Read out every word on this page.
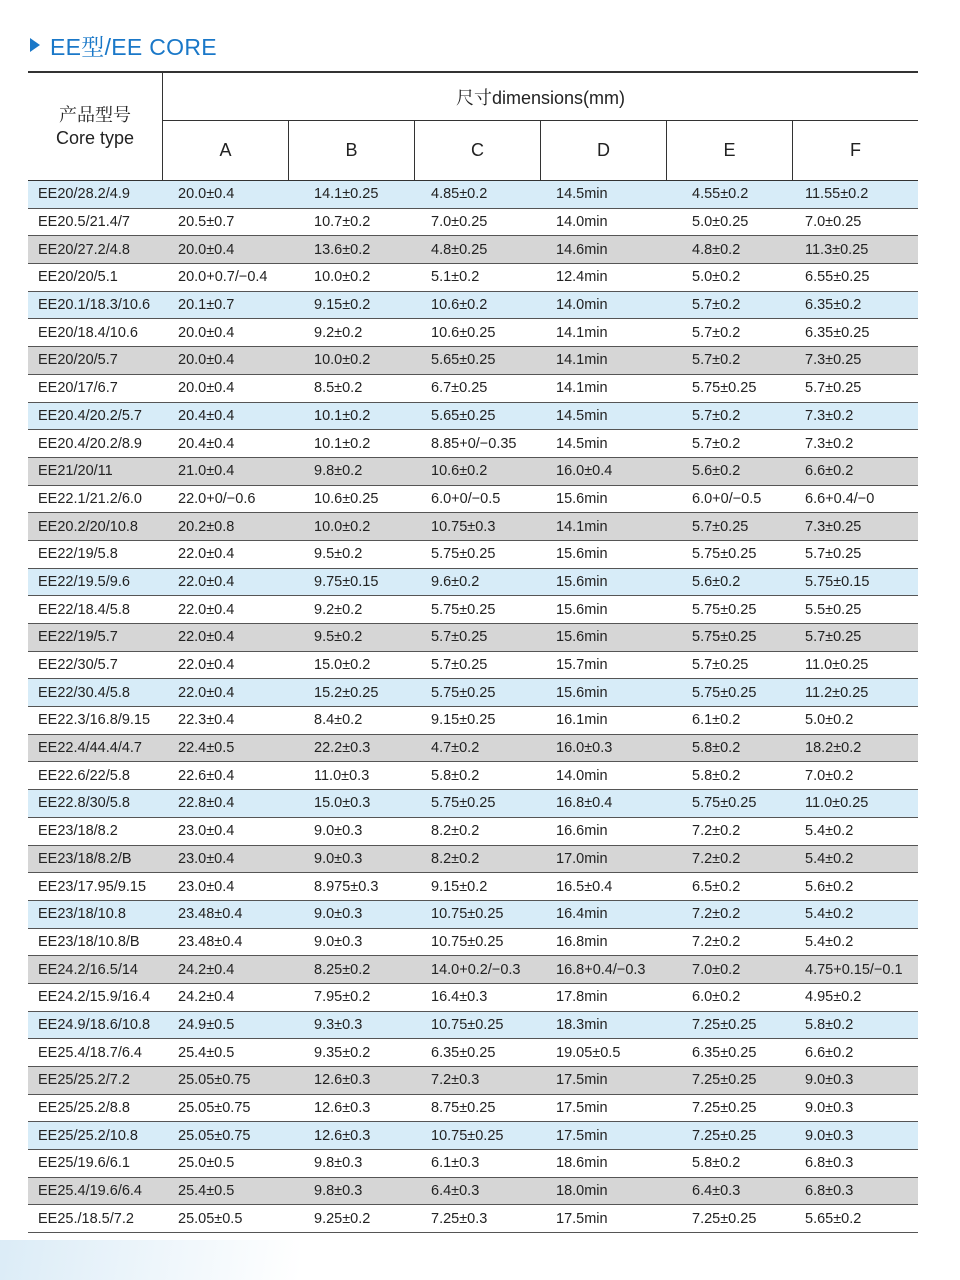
EE型/EE CORE
产品型号
Core type
尺寸dimensions(mm)
A	B	C	D	E	F
EE20/28.2/4.9	20.0±0.4	14.1±0.25	4.85±0.2	14.5min	4.55±0.2	11.55±0.2
EE20.5/21.4/7	20.5±0.7	10.7±0.2	7.0±0.25	14.0min	5.0±0.25	7.0±0.25
EE20/27.2/4.8	20.0±0.4	13.6±0.2	4.8±0.25	14.6min	4.8±0.2	11.3±0.25
EE20/20/5.1	20.0+0.7/−0.4	10.0±0.2	5.1±0.2	12.4min	5.0±0.2	6.55±0.25
EE20.1/18.3/10.6 20.1±0.7	9.15±0.2	10.6±0.2	14.0min	5.7±0.2	6.35±0.2
EE20/18.4/10.6	20.0±0.4	9.2±0.2	10.6±0.25	14.1min	5.7±0.2	6.35±0.25
EE20/20/5.7	20.0±0.4	10.0±0.2	5.65±0.25	14.1min	5.7±0.2	7.3±0.25
EE20/17/6.7	20.0±0.4	8.5±0.2	6.7±0.25	14.1min	5.75±0.25	5.7±0.25
EE20.4/20.2/5.7 20.4±0.4	10.1±0.2	5.65±0.25	14.5min	5.7±0.2	7.3±0.2
EE20.4/20.2/8.9 20.4±0.4	10.1±0.2	8.85+0/−0.35	14.5min	5.7±0.2	7.3±0.2
EE21/20/11	21.0±0.4	9.8±0.2	10.6±0.2	16.0±0.4	5.6±0.2	6.6±0.2
EE22.1/21.2/6.0 22.0+0/−0.6	10.6±0.25	6.0+0/−0.5	15.6min	6.0+0/−0.5	6.6+0.4/−0
EE20.2/20/10.8	20.2±0.8	10.0±0.2	10.75±0.3	14.1min	5.7±0.25	7.3±0.25
EE22/19/5.8	22.0±0.4	9.5±0.2	5.75±0.25	15.6min	5.75±0.25	5.7±0.25
EE22/19.5/9.6	22.0±0.4	9.75±0.15	9.6±0.2	15.6min	5.6±0.2	5.75±0.15
EE22/18.4/5.8	22.0±0.4	9.2±0.2	5.75±0.25	15.6min	5.75±0.25	5.5±0.25
EE22/19/5.7	22.0±0.4	9.5±0.2	5.7±0.25	15.6min	5.75±0.25	5.7±0.25
EE22/30/5.7	22.0±0.4	15.0±0.2	5.7±0.25	15.7min	5.7±0.25	11.0±0.25
EE22/30.4/5.8	22.0±0.4	15.2±0.25	5.75±0.25	15.6min	5.75±0.25	11.2±0.25
EE22.3/16.8/9.15 22.3±0.4	8.4±0.2	9.15±0.25	16.1min	6.1±0.2	5.0±0.2
EE22.4/44.4/4.7 22.4±0.5	22.2±0.3	4.7±0.2	16.0±0.3	5.8±0.2	18.2±0.2
EE22.6/22/5.8	22.6±0.4	11.0±0.3	5.8±0.2	14.0min	5.8±0.2	7.0±0.2
EE22.8/30/5.8	22.8±0.4	15.0±0.3	5.75±0.25	16.8±0.4	5.75±0.25	11.0±0.25
EE23/18/8.2	23.0±0.4	9.0±0.3	8.2±0.2	16.6min	7.2±0.2	5.4±0.2
EE23/18/8.2/B	23.0±0.4	9.0±0.3	8.2±0.2	17.0min	7.2±0.2	5.4±0.2
EE23/17.95/9.15 23.0±0.4	8.975±0.3	9.15±0.2	16.5±0.4	6.5±0.2	5.6±0.2
EE23/18/10.8	23.48±0.4	9.0±0.3	10.75±0.25	16.4min	7.2±0.2	5.4±0.2
EE23/18/10.8/B	23.48±0.4	9.0±0.3	10.75±0.25	16.8min	7.2±0.2	5.4±0.2
EE24.2/16.5/14	24.2±0.4	8.25±0.2	14.0+0.2/−0.3 16.8+0.4/−0.3	7.0±0.2	4.75+0.15/−0.1
EE24.2/15.9/16.4 24.2±0.4	7.95±0.2	16.4±0.3	17.8min	6.0±0.2	4.95±0.2
EE24.9/18.6/10.8 24.9±0.5	9.3±0.3	10.75±0.25	18.3min	7.25±0.25	5.8±0.2
EE25.4/18.7/6.4 25.4±0.5	9.35±0.2	6.35±0.25	19.05±0.5	6.35±0.25	6.6±0.2
EE25/25.2/7.2	25.05±0.75	12.6±0.3	7.2±0.3	17.5min	7.25±0.25	9.0±0.3
EE25/25.2/8.8	25.05±0.75	12.6±0.3	8.75±0.25	17.5min	7.25±0.25	9.0±0.3
EE25/25.2/10.8	25.05±0.75	12.6±0.3	10.75±0.25	17.5min	7.25±0.25	9.0±0.3
EE25/19.6/6.1	25.0±0.5	9.8±0.3	6.1±0.3	18.6min	5.8±0.2	6.8±0.3
EE25.4/19.6/6.4 25.4±0.5	9.8±0.3	6.4±0.3	18.0min	6.4±0.3	6.8±0.3
EE25./18.5/7.2	25.05±0.5	9.25±0.2	7.25±0.3	17.5min	7.25±0.25	5.65±0.2
